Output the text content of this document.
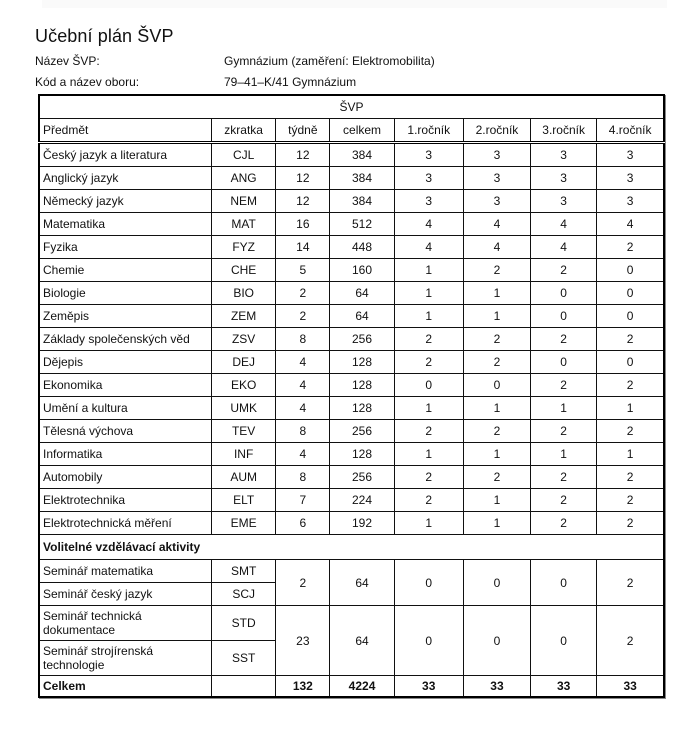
Učební plán ŠVP
Název ŠVP:	Gymnázium (zaměření: Elektromobilita)
Kód a název oboru:	79–41–K/41 Gymnázium
ŠVP							
Předmět	zkratka	týdně	celkem	1.ročník	2.ročník	3.ročník	4.ročník
Český jazyk a literatura	CJL	12	384	3	3	3	3
Anglický jazyk	ANG	12	384	3	3	3	3
Německý jazyk	NEM	12	384	3	3	3	3
Matematika	MAT	16	512	4	4	4	4
Fyzika	FYZ	14	448	4	4	4	2
Chemie	CHE	5	160	1	2	2	0
Biologie	BIO	2	64	1	1	0	0
Zeměpis	ZEM	2	64	1	1	0	0
Základy společenských věd	ZSV	8	256	2	2	2	2
Dějepis	DEJ	4	128	2	2	0	0
Ekonomika	EKO	4	128	0	0	2	2
Umění a kultura	UMK	4	128	1	1	1	1
Tělesná výchova	TEV	8	256	2	2	2	2
Informatika	INF	4	128	1	1	1	1
Automobily	AUM	8	256	2	2	2	2
Elektrotechnika	ELT	7	224	2	1	2	2
Elektrotechnická měření	EME	6	192	1	1	2	2
Volitelné vzdělávací aktivity							
Seminář matematika	SMT	2	64	0	0	0	2
Seminář český jazyk	SCJ						
Seminář technická dokumentace	STD	23	64	0	0	0	2
Seminář strojírenská technologie	SST						
Celkem		132	4224	33	33	33	33
